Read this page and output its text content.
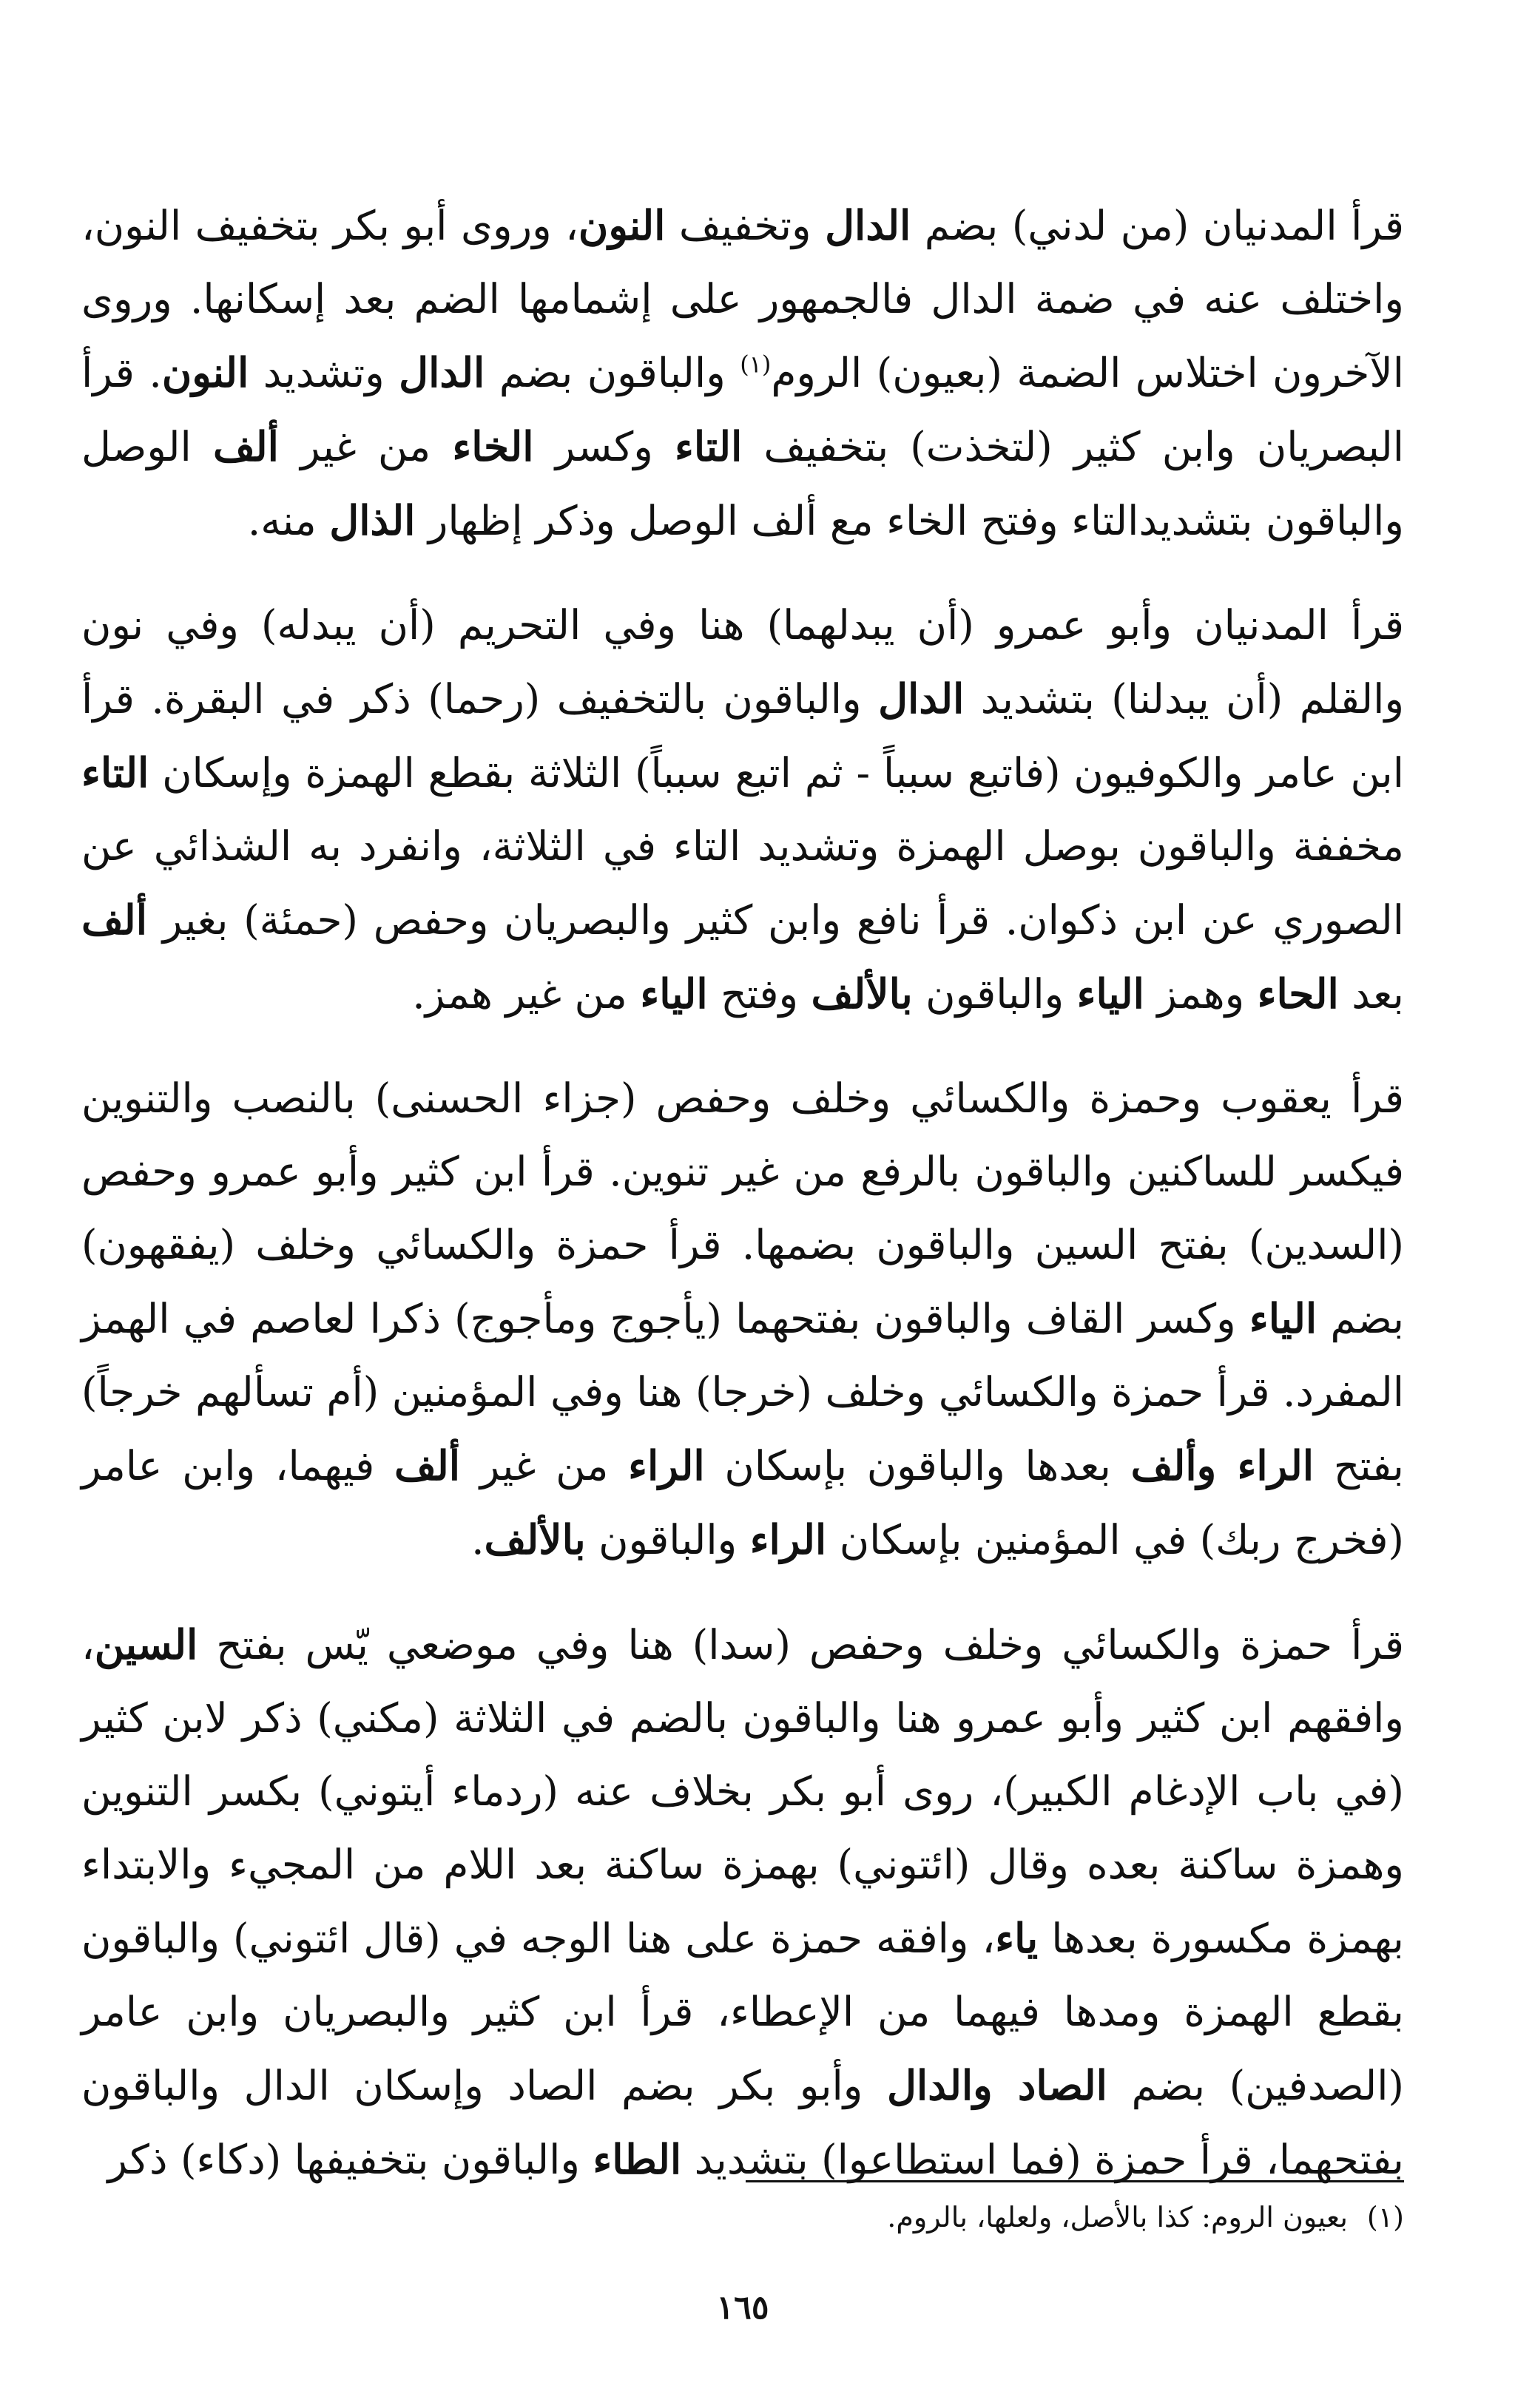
قرأ المدنيان (من لدني) بضم الدال وتخفيف النون، وروى أبو بكر بتخفيف النون، واختلف عنه في ضمة الدال فالجمهور على إشمامها الضم بعد إسكانها. وروى الآخرون اختلاس الضمة (بعيون) الروم$^{(١)}$ والباقون بضم الدال وتشديد النون. قرأ البصريان وابن كثير (لتخذت) بتخفيف التاء وكسر الخاء من غير ألف الوصل والباقون بتشديدالتاء وفتح الخاء مع ألف الوصل وذكر إظهار الذال منه.

قرأ المدنيان وأبو عمرو (أن يبدلهما) هنا وفي التحريم (أن يبدله) وفي نون والقلم (أن يبدلنا) بتشديد الدال والباقون بالتخفيف (رحما) ذكر في البقرة. قرأ ابن عامر والكوفيون (فاتبع سبباً - ثم اتبع سبباً) الثلاثة بقطع الهمزة وإسكان التاء مخففة والباقون بوصل الهمزة وتشديد التاء في الثلاثة، وانفرد به الشذائي عن الصوري عن ابن ذكوان. قرأ نافع وابن كثير والبصريان وحفص (حمئة) بغير ألف بعد الحاء وهمز الياء والباقون بالألف وفتح الياء من غير همز.

قرأ يعقوب وحمزة والكسائي وخلف وحفص (جزاء الحسنى) بالنصب والتنوين فيكسر للساكنين والباقون بالرفع من غير تنوين. قرأ ابن كثير وأبو عمرو وحفص (السدين) بفتح السين والباقون بضمها. قرأ حمزة والكسائي وخلف (يفقهون) بضم الياء وكسر القاف والباقون بفتحهما (يأجوج ومأجوج) ذكرا لعاصم في الهمز المفرد. قرأ حمزة والكسائي وخلف (خرجا) هنا وفي المؤمنين (أم تسألهم خرجاً) بفتح الراء وألف بعدها والباقون بإسكان الراء من غير ألف فيهما، وابن عامر (فخرج ربك) في المؤمنين بإسكان الراء والباقون بالألف.

قرأ حمزة والكسائي وخلف وحفص (سدا) هنا وفي موضعي يّس بفتح السين، وافقهم ابن كثير وأبو عمرو هنا والباقون بالضم في الثلاثة (مكني) ذكر لابن كثير (في باب الإدغام الكبير)، روى أبو بكر بخلاف عنه (ردماء أيتوني) بكسر التنوين وهمزة ساكنة بعده وقال (ائتوني) بهمزة ساكنة بعد اللام من المجيء والابتداء بهمزة مكسورة بعدها ياء، وافقه حمزة على هنا الوجه في (قال ائتوني) والباقون بقطع الهمزة ومدها فيهما من الإعطاء، قرأ ابن كثير والبصريان وابن عامر (الصدفين) بضم الصاد والدال وأبو بكر بضم الصاد وإسكان الدال والباقون بفتحهما، قرأ حمزة (فما استطاعوا) بتشديد الطاء والباقون بتخفيفها (دكاء) ذكر

(١)بعيون الروم: كذا بالأصل، ولعلها، بالروم.
١٦٥
